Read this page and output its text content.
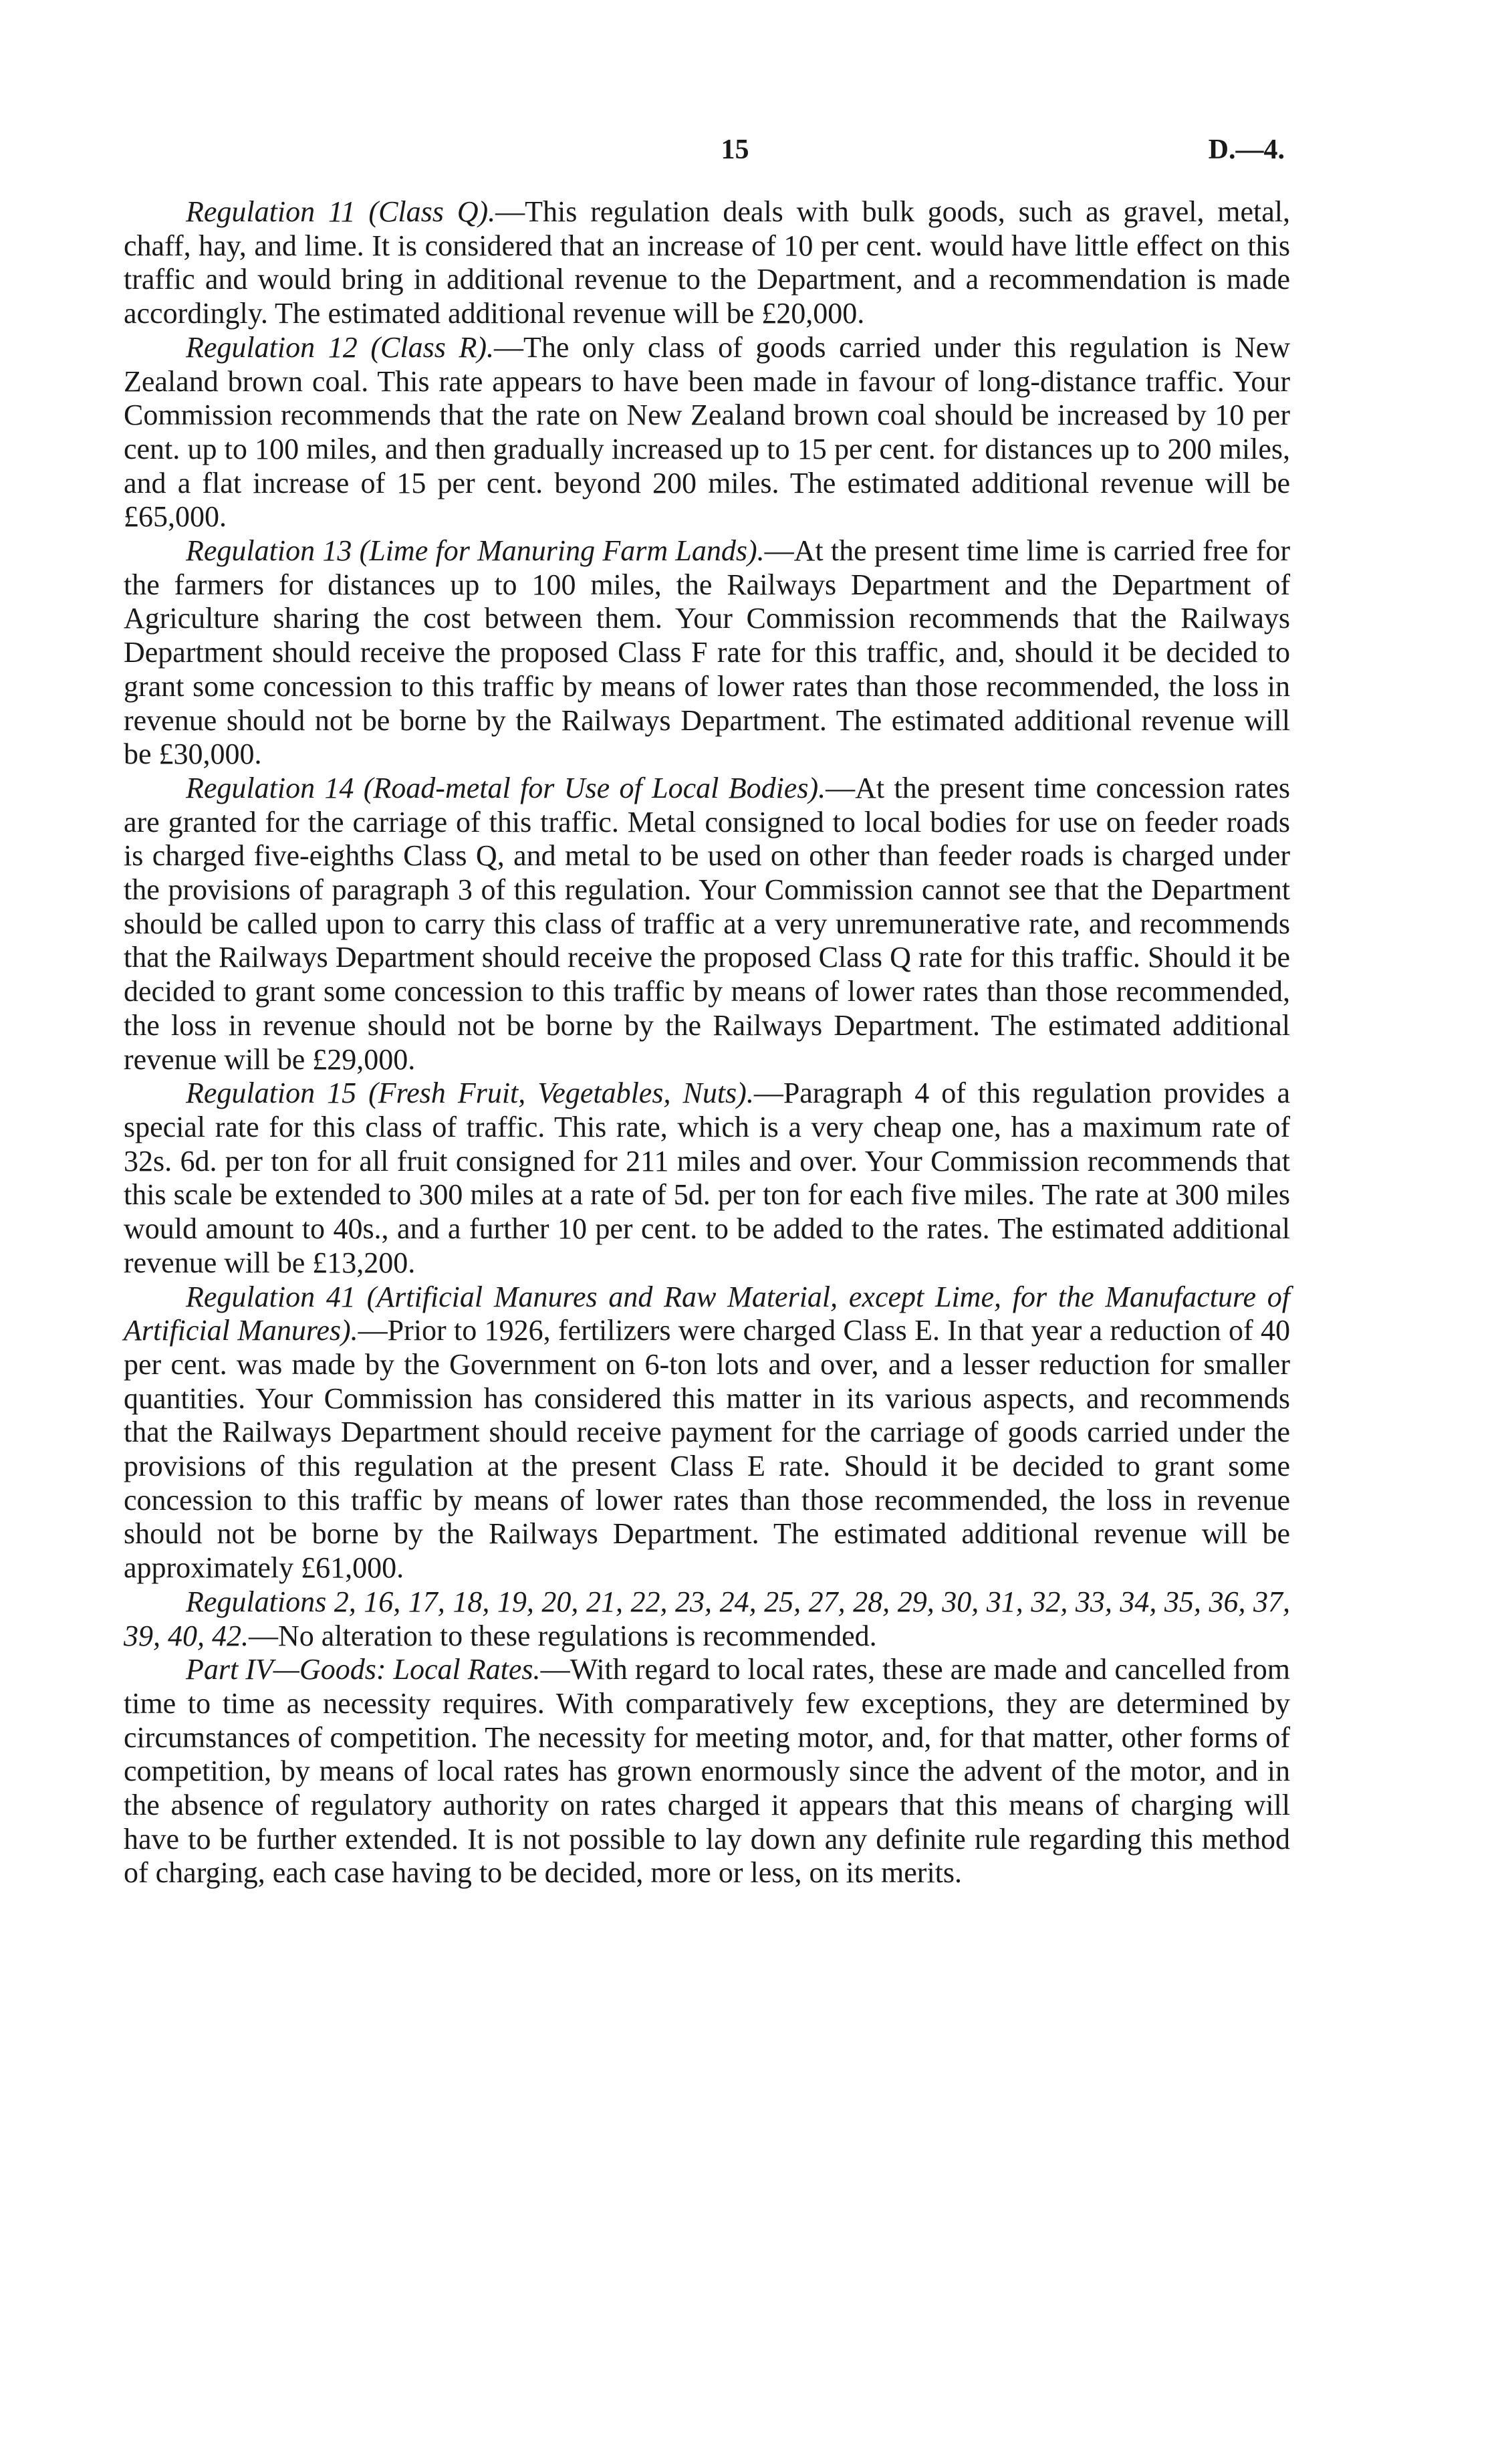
15	D.—4.

Regulation 11 (Class Q).—This regulation deals with bulk goods, such as gravel, metal, chaff, hay, and lime. It is considered that an increase of 10 per cent. would have little effect on this traffic and would bring in additional revenue to the Department, and a recommendation is made accordingly. The estimated additional revenue will be £20,000.

Regulation 12 (Class R).—The only class of goods carried under this regulation is New Zealand brown coal. This rate appears to have been made in favour of long-distance traffic. Your Commission recommends that the rate on New Zealand brown coal should be increased by 10 per cent. up to 100 miles, and then gradually increased up to 15 per cent. for distances up to 200 miles, and a flat increase of 15 per cent. beyond 200 miles. The estimated additional revenue will be £65,000.

Regulation 13 (Lime for Manuring Farm Lands).—At the present time lime is carried free for the farmers for distances up to 100 miles, the Railways Department and the Department of Agriculture sharing the cost between them. Your Commission recommends that the Railways Department should receive the proposed Class F rate for this traffic, and, should it be decided to grant some concession to this traffic by means of lower rates than those recommended, the loss in revenue should not be borne by the Railways Department. The estimated additional revenue will be £30,000.

Regulation 14 (Road-metal for Use of Local Bodies).—At the present time concession rates are granted for the carriage of this traffic. Metal consigned to local bodies for use on feeder roads is charged five-eighths Class Q, and metal to be used on other than feeder roads is charged under the provisions of paragraph 3 of this regulation. Your Commission cannot see that the Department should be called upon to carry this class of traffic at a very unremunerative rate, and recommends that the Railways Department should receive the proposed Class Q rate for this traffic. Should it be decided to grant some concession to this traffic by means of lower rates than those recommended, the loss in revenue should not be borne by the Railways Department. The estimated additional revenue will be £29,000.

Regulation 15 (Fresh Fruit, Vegetables, Nuts).—Paragraph 4 of this regulation provides a special rate for this class of traffic. This rate, which is a very cheap one, has a maximum rate of 32s. 6d. per ton for all fruit consigned for 211 miles and over. Your Commission recommends that this scale be extended to 300 miles at a rate of 5d. per ton for each five miles. The rate at 300 miles would amount to 40s., and a further 10 per cent. to be added to the rates. The estimated additional revenue will be £13,200.

Regulation 41 (Artificial Manures and Raw Material, except Lime, for the Manufacture of Artificial Manures).—Prior to 1926, fertilizers were charged Class E. In that year a reduction of 40 per cent. was made by the Government on 6-ton lots and over, and a lesser reduction for smaller quantities. Your Commission has considered this matter in its various aspects, and recommends that the Railways Department should receive payment for the carriage of goods carried under the provisions of this regulation at the present Class E rate. Should it be decided to grant some concession to this traffic by means of lower rates than those recommended, the loss in revenue should not be borne by the Railways Department. The estimated additional revenue will be approximately £61,000.

Regulations 2, 16, 17, 18, 19, 20, 21, 22, 23, 24, 25, 27, 28, 29, 30, 31, 32, 33, 34, 35, 36, 37, 39, 40, 42.—No alteration to these regulations is recommended.

Part IV—Goods: Local Rates.—With regard to local rates, these are made and cancelled from time to time as necessity requires. With comparatively few exceptions, they are determined by circumstances of competition. The necessity for meeting motor, and, for that matter, other forms of competition, by means of local rates has grown enormously since the advent of the motor, and in the absence of regulatory authority on rates charged it appears that this means of charging will have to be further extended. It is not possible to lay down any definite rule regarding this method of charging, each case having to be decided, more or less, on its merits.
